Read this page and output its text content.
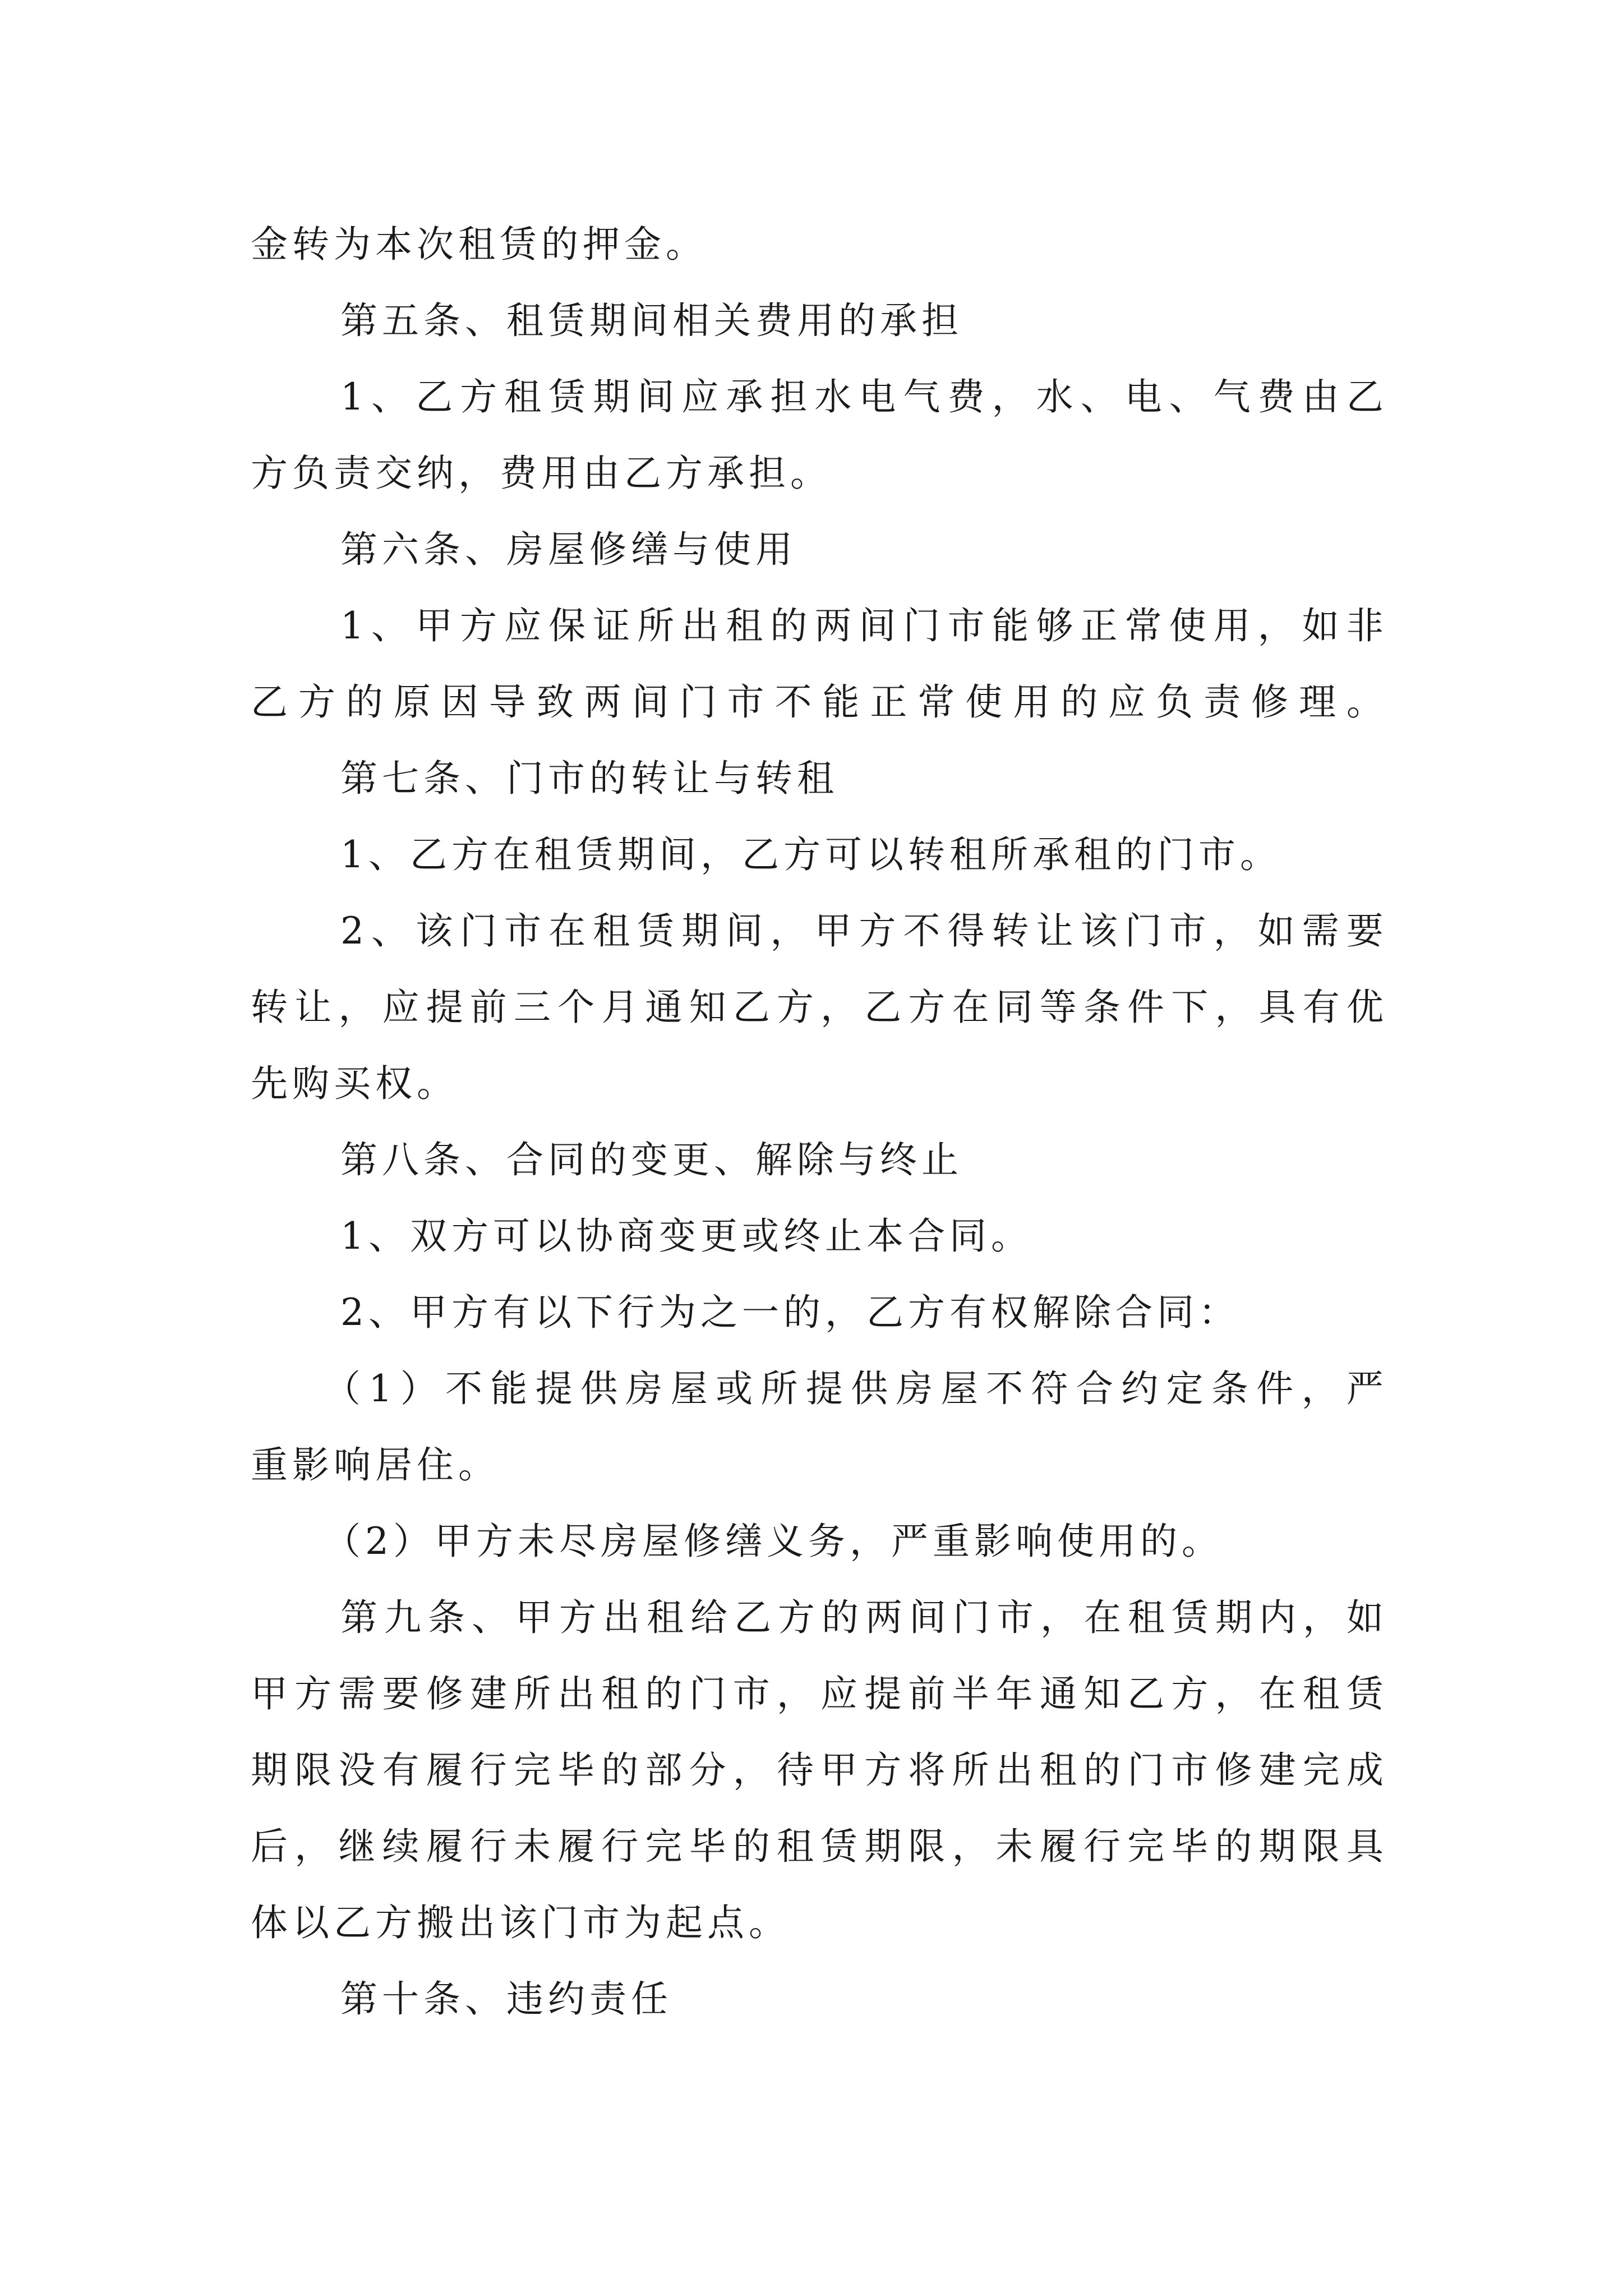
金转为本次租赁的押金。
第五条、租赁期间相关费用的承担
1 、 乙 方 租 赁 期 间 应 承 担 水 电 气 费 ， 水 、 电 、 气 费 由 乙
方负责交纳，费用由乙方承担。
第六条、房屋修缮与使用
1 、 甲 方 应 保 证 所 出 租 的 两 间 门 市 能 够 正 常 使 用 ， 如 非
乙 方 的 原 因 导 致 两 间 门 市 不 能 正 常 使 用 的 应 负 责 修 理 。
第七条、门市的转让与转租
1、乙方在租赁期间，乙方可以转租所承租的门市。
2 、 该 门 市 在 租 赁 期 间 ， 甲 方 不 得 转 让 该 门 市 ， 如 需 要
转 让 ， 应 提 前 三 个 月 通 知 乙 方 ， 乙 方 在 同 等 条 件 下 ， 具 有 优
先购买权。
第八条、合同的变更、解除与终止
1、双方可以协商变更或终止本合同。
2、甲方有以下行为之一的，乙方有权解除合同：
（ 1 ） 不 能 提 供 房 屋 或 所 提 供 房 屋 不 符 合 约 定 条 件 ， 严
重影响居住。
（2）甲方未尽房屋修缮义务，严重影响使用的。
第 九 条 、 甲 方 出 租 给 乙 方 的 两 间 门 市 ， 在 租 赁 期 内 ， 如
甲 方 需 要 修 建 所 出 租 的 门 市 ， 应 提 前 半 年 通 知 乙 方 ， 在 租 赁
期 限 没 有 履 行 完 毕 的 部 分 ， 待 甲 方 将 所 出 租 的 门 市 修 建 完 成
后 ， 继 续 履 行 未 履 行 完 毕 的 租 赁 期 限 ， 未 履 行 完 毕 的 期 限 具
体以乙方搬出该门市为起点。
第十条、违约责任
